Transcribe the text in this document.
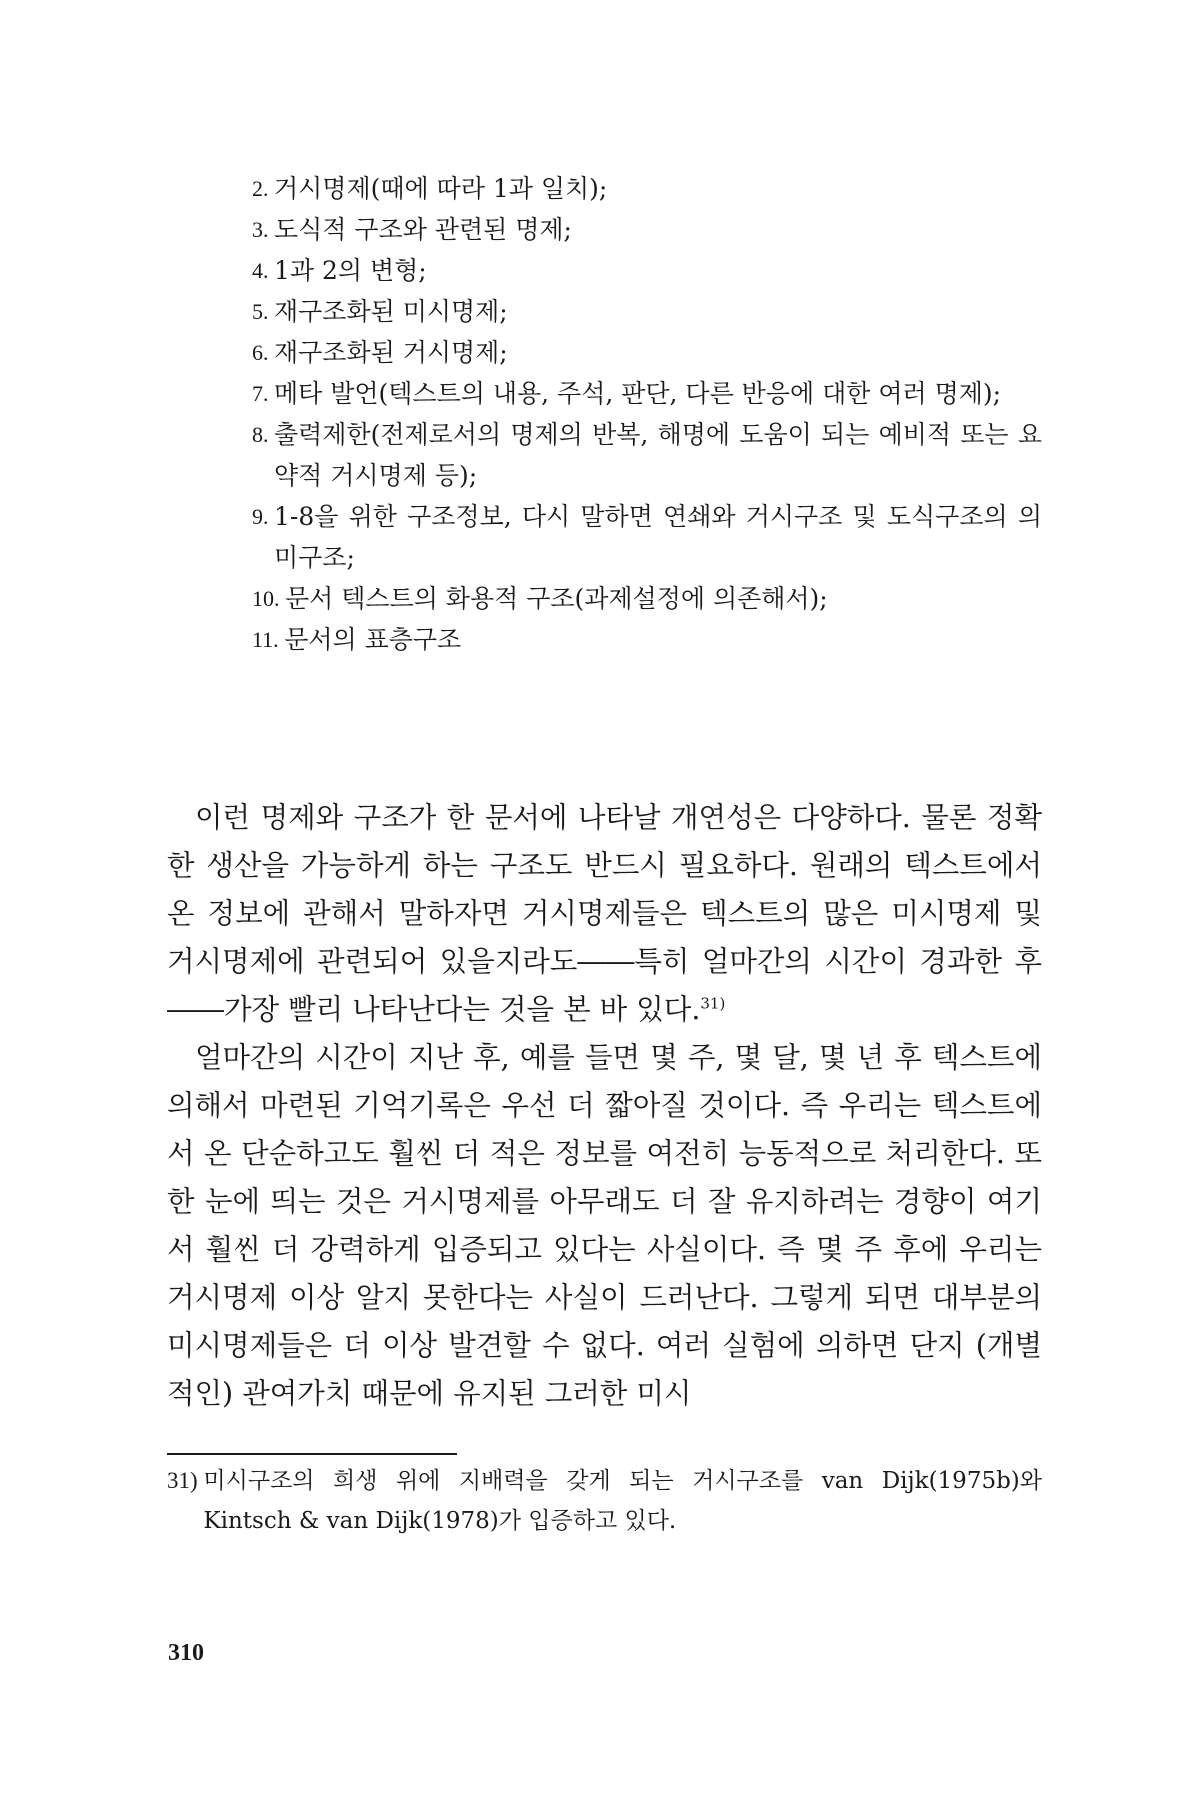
2. 거시명제(때에 따라 1과 일치);
3. 도식적 구조와 관련된 명제;
4. 1과 2의 변형;
5. 재구조화된 미시명제;
6. 재구조화된 거시명제;
7. 메타 발언(텍스트의 내용, 주석, 판단, 다른 반응에 대한 여러 명제);
8. 출력제한(전제로서의 명제의 반복, 해명에 도움이 되는 예비적 또는 요약적 거시명제 등);
9. 1-8을 위한 구조정보, 다시 말하면 연쇄와 거시구조 및 도식구조의 의미구조;
10. 문서 텍스트의 화용적 구조(과제설정에 의존해서);
11. 문서의 표층구조

이런 명제와 구조가 한 문서에 나타날 개연성은 다양하다. 물론 정확한 생산을 가능하게 하는 구조도 반드시 필요하다. 원래의 텍스트에서 온 정보에 관해서 말하자면 거시명제들은 텍스트의 많은 미시명제 및 거시명제에 관련되어 있을지라도――특히 얼마간의 시간이 경과한 후――가장 빨리 나타난다는 것을 본 바 있다.$^{31)}$

얼마간의 시간이 지난 후, 예를 들면 몇 주, 몇 달, 몇 년 후 텍스트에 의해서 마련된 기억기록은 우선 더 짧아질 것이다. 즉 우리는 텍스트에서 온 단순하고도 훨씬 더 적은 정보를 여전히 능동적으로 처리한다. 또한 눈에 띄는 것은 거시명제를 아무래도 더 잘 유지하려는 경향이 여기서 훨씬 더 강력하게 입증되고 있다는 사실이다. 즉 몇 주 후에 우리는 거시명제 이상 알지 못한다는 사실이 드러난다. 그렇게 되면 대부분의 미시명제들은 더 이상 발견할 수 없다. 여러 실험에 의하면 단지 (개별적인) 관여가치 때문에 유지된 그러한 미시

31) 미시구조의 희생 위에 지배력을 갖게 되는 거시구조를 van Dijk(1975b)와 Kintsch & van Dijk(1978)가 입증하고 있다.
310
